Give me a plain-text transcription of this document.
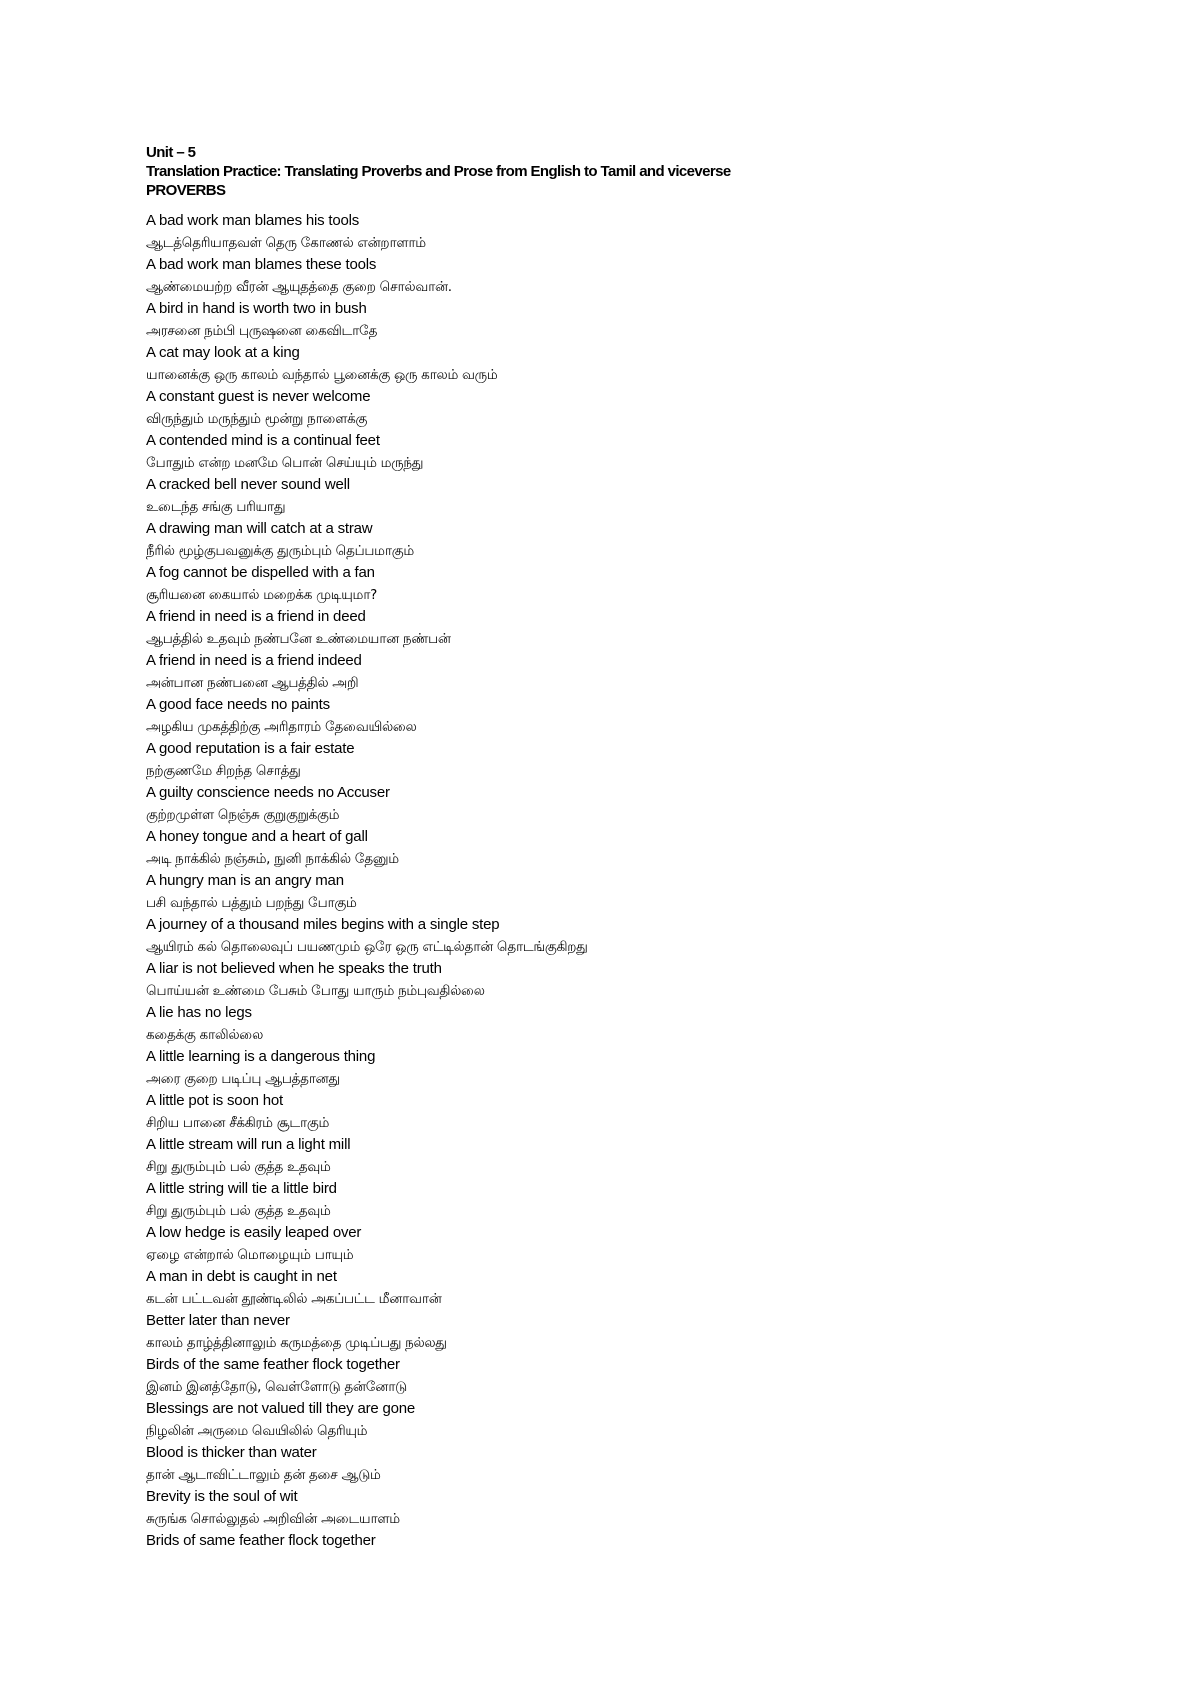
Unit – 5
Translation Practice: Translating Proverbs and Prose from English to Tamil and viceverse
PROVERBS
A bad work man blames his tools
ஆடத்தெரியாதவள் தெரு கோணல் என்றாளாம்
A bad work man blames these tools
ஆண்மையற்ற வீரன் ஆயுதத்தை குறை சொல்வான்.
A bird in hand is worth two in bush
அரசனை நம்பி புருஷனை கைவிடாதே
A cat may look at a king
யானைக்கு ஒரு காலம் வந்தால் பூனைக்கு ஒரு காலம் வரும்
A constant guest is never welcome
விருந்தும் மருந்தும் மூன்று நாளைக்கு
A contended mind is a continual feet
போதும் என்ற மனமே பொன் செய்யும் மருந்து
A cracked bell never sound well
உடைந்த சங்கு பரியாது
A drawing man will catch at a straw
நீரில் மூழ்குபவனுக்கு துரும்பும் தெப்பமாகும்
A fog cannot be dispelled with a fan
சூரியனை கையால் மறைக்க முடியுமா?
A friend in need is a friend in deed
ஆபத்தில் உதவும் நண்பனே உண்மையான நண்பன்
A friend in need is a friend indeed
அன்பான நண்பனை ஆபத்தில் அறி
A good face needs no paints
அழகிய முகத்திற்கு அரிதாரம் தேவையில்லை
A good reputation is a fair estate
நற்குணமே சிறந்த சொத்து
A guilty conscience needs no Accuser
குற்றமுள்ள நெஞ்சு குறுகுறுக்கும்
A honey tongue and a heart of gall
அடி நாக்கில் நஞ்சும், நுனி நாக்கில் தேனும்
A hungry man is an angry man
பசி வந்தால் பத்தும் பறந்து போகும்
A journey of a thousand miles begins with a single step
ஆயிரம் கல் தொலைவுப் பயணமும் ஒரே ஒரு எட்டில்தான் தொடங்குகிறது
A liar is not believed when he speaks the truth
பொய்யன் உண்மை பேசும் போது யாரும் நம்புவதில்லை
A lie has no legs
கதைக்கு காலில்லை
A little learning is a dangerous thing
அரை குறை படிப்பு ஆபத்தானது
A little pot is soon hot
சிறிய பானை சீக்கிரம் சூடாகும்
A little stream will run a light mill
சிறு துரும்பும் பல் குத்த உதவும்
A little string will tie a little bird
சிறு துரும்பும் பல் குத்த உதவும்
A low hedge is easily leaped over
ஏழை என்றால் மொழையும் பாயும்
A man in debt is caught in net
கடன் பட்டவன் தூண்டிலில் அகப்பட்ட மீனாவான்
Better later than never
காலம் தாழ்த்தினாலும் கருமத்தை முடிப்பது நல்லது
Birds of the same feather flock together
இனம் இனத்தோடு, வெள்ளோடு தன்னோடு
Blessings are not valued till they are gone
நிழலின் அருமை வெயிலில் தெரியும்
Blood is thicker than water
தான் ஆடாவிட்டாலும் தன் தசை ஆடும்
Brevity is the soul of wit
சுருங்க சொல்லுதல் அறிவின் அடையாளம்
Brids of same feather flock together
